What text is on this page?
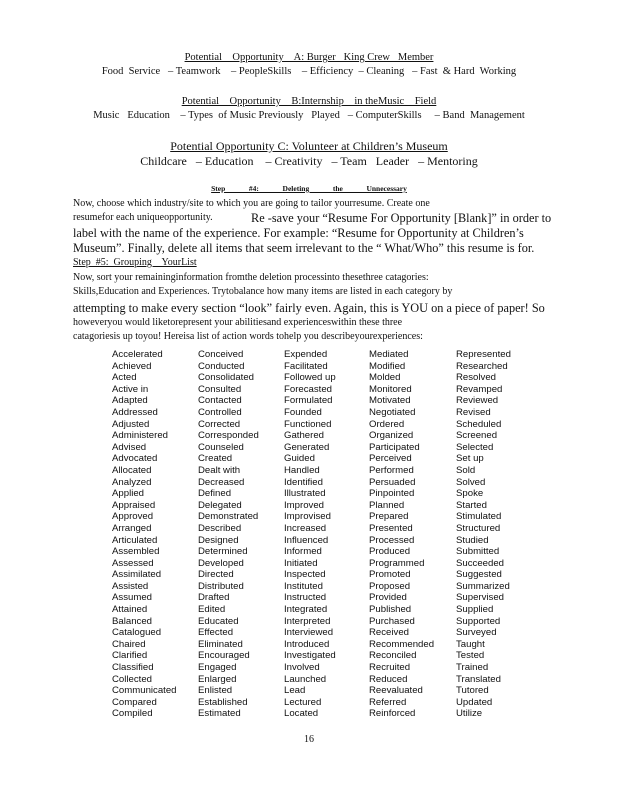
Potential    Opportunity    A: Burger   King Crew   Member
Food  Service   – Teamwork    – PeopleSkills    – Efficiency  – Cleaning   – Fast  & Hard  Working
Potential    Opportunity    B:Internship    in theMusic    Field
Music   Education    – Types  of Music Previously   Played   – ComputerSkills     – Band  Management
Potential Opportunity C: Volunteer at Children’s Museum
Childcare   – Education    – Creativity   – Team   Leader   – Mentoring
Step   #4:   Deleting   the   Unnecessary
Now, choose which industry/site to which you are going to tailor yourresume. Create one
resumefor each uniqueopportunity.	Re -save your “Resume For Opportunity [Blank]” in order to
label with the name of the experience. For example: “Resume for Opportunity at Children’s
Museum”. Finally, delete all items that seem irrelevant to the “ What/Who” this resume is for.
Step  #5:  Grouping    YourList
Now, sort your remaininginformation fromthe deletion processinto thesethree catagories:
Skills,Education and Experiences. Trytobalance how many items are listed in each category by
attempting to make every section “look” fairly even. Again, this is YOU on a piece of paper! So
howeveryou would liketorepresent your abilitiesand experienceswithin these three
catagoriesis up toyou! Hereisa list of action words tohelp you describeyourexperiences:
Accelerated
Achieved
Acted
Active in
Adapted
Addressed
Adjusted
Administered
Advised
Advocated
Allocated
Analyzed
Applied
Appraised
Approved
Arranged
Articulated
Assembled
Assessed
Assimilated
Assisted
Assumed
Attained
Balanced
Catalogued
Chaired
Clarified
Classified
Collected
Communicated
Compared
Compiled
Conceived
Conducted
Consolidated
Consulted
Contacted
Controlled
Corrected
Corresponded
Counseled
Created
Dealt with
Decreased
Defined
Delegated
Demonstrated
Described
Designed
Determined
Developed
Directed
Distributed
Drafted
Edited
Educated
Effected
Eliminated
Encouraged
Engaged
Enlarged
Enlisted
Established
Estimated
Expended
Facilitated
Followed up
Forecasted
Formulated
Founded
Functioned
Gathered
Generated
Guided
Handled
Identified
Illustrated
Improved
Improvised
Increased
Influenced
Informed
Initiated
Inspected
Instituted
Instructed
Integrated
Interpreted
Interviewed
Introduced
Investigated
Involved
Launched
Lead
Lectured
Located
Mediated
Modified
Molded
Monitored
Motivated
Negotiated
Ordered
Organized
Participated
Perceived
Performed
Persuaded
Pinpointed
Planned
Prepared
Presented
Processed
Produced
Programmed
Promoted
Proposed
Provided
Published
Purchased
Received
Recommended
Reconciled
Recruited
Reduced
Reevaluated
Referred
Reinforced
Represented
Researched
Resolved
Revamped
Reviewed
Revised
Scheduled
Screened
Selected
Set up
Sold
Solved
Spoke
Started
Stimulated
Structured
Studied
Submitted
Succeeded
Suggested
Summarized
Supervised
Supplied
Supported
Surveyed
Taught
Tested
Trained
Translated
Tutored
Updated
Utilize
16
